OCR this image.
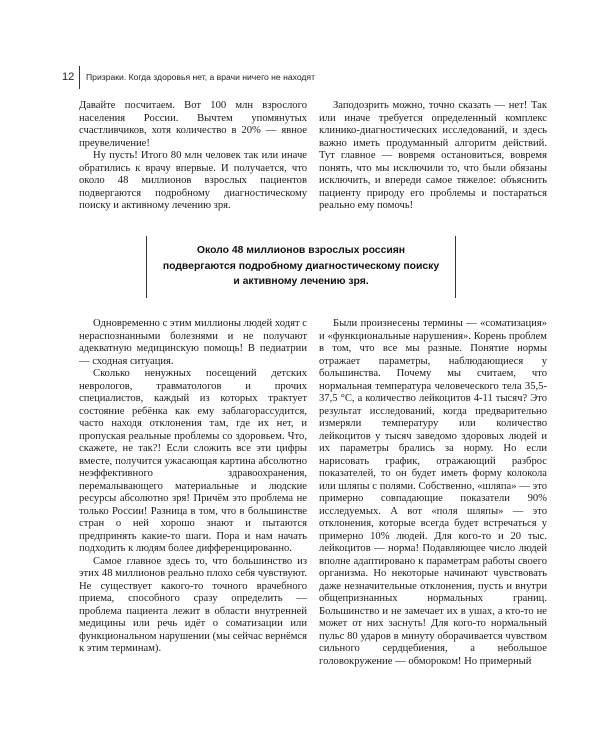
12 Призраки. Когда здоровья нет, а врачи ничего не находят

Давайте посчитаем. Вот 100 млн взрослого населения России. Вычтем упомянутых счастливчиков, хотя количество в 20% — явное преувеличение!

Ну пусть! Итого 80 млн человек так или иначе обратились к врачу впервые. И получается, что около 48 миллионов взрослых пациентов подвергаются подробному диагностическому поиску и активному лечению зря.

Заподозрить можно, точно сказать — нет! Так или иначе требуется определенный комплекс клинико-диагностических исследований, и здесь важно иметь продуманный алгоритм действий. Тут главное — вовремя остановиться, вовремя понять, что мы исключили то, что были обязаны исключить, и впереди самое тяжелое: объяснить пациенту природу его проблемы и постараться реально ему помочь!

Около 48 миллионов взрослых россиян
подвергаются подробному диагностическому поиску
и активному лечению зря.

Одновременно с этим миллионы людей ходят с нераспознанными болезнями и не получают адекватную медицинскую помощь! В педиатрии — сходная ситуация.

Сколько ненужных посещений детских неврологов, травматологов и прочих специалистов, каждый из которых трактует состояние ребёнка как ему заблагорассудится, часто находя отклонения там, где их нет, и пропуская реальные проблемы со здоровьем. Что, скажете, не так?! Если сложить все эти цифры вместе, получится ужасающая картина абсолютно неэффективного здравоохранения, перемалывающего материальные и людские ресурсы абсолютно зря! Причём это проблема не только России! Разница в том, что в большинстве стран о ней хорошо знают и пытаются предпринять какие-то шаги. Пора и нам начать подходить к людям более дифференцированно.

Самое главное здесь то, что большинство из этих 48 миллионов реально плохо себя чувствуют. Не существует какого-то точного врачебного приема, способного сразу определить — проблема пациента лежит в области внутренней медицины или речь идёт о соматизации или функциональном нарушении (мы сейчас вернёмся к этим терминам).

Были произнесены термины — «соматизация» и «функциональные нарушения». Корень проблем в том, что все мы разные. Понятие нормы отражает параметры, наблюдающиеся у большинства. Почему мы считаем, что нормальная температура человеческого тела 35,5-37,5 °С, а количество лейкоцитов 4-11 тысяч? Это результат исследований, когда предварительно измеряли температуру или количество лейкоцитов у тысяч заведомо здоровых людей и их параметры брались за норму. Но если нарисовать график, отражающий разброс показателей, то он будет иметь форму колокола или шляпы с полями. Собственно, «шляпа» — это примерно совпадающие показатели 90% исследуемых. А вот «поля шляпы» — это отклонения, которые всегда будет встречаться у примерно 10% людей. Для кого-то и 20 тыс. лейкоцитов — норма! Подавляющее число людей вполне адаптировано к параметрам работы своего организма. Но некоторые начинают чувствовать даже незначительные отклонения, пусть и внутри общепризнанных нормальных границ. Большинство и не замечает их в ушах, а кто-то не может от них заснуть! Для кого-то нормальный пульс 80 ударов в минуту оборачивается чувством сильного сердцебиения, а небольшое головокружение — обмороком! Но примерный
